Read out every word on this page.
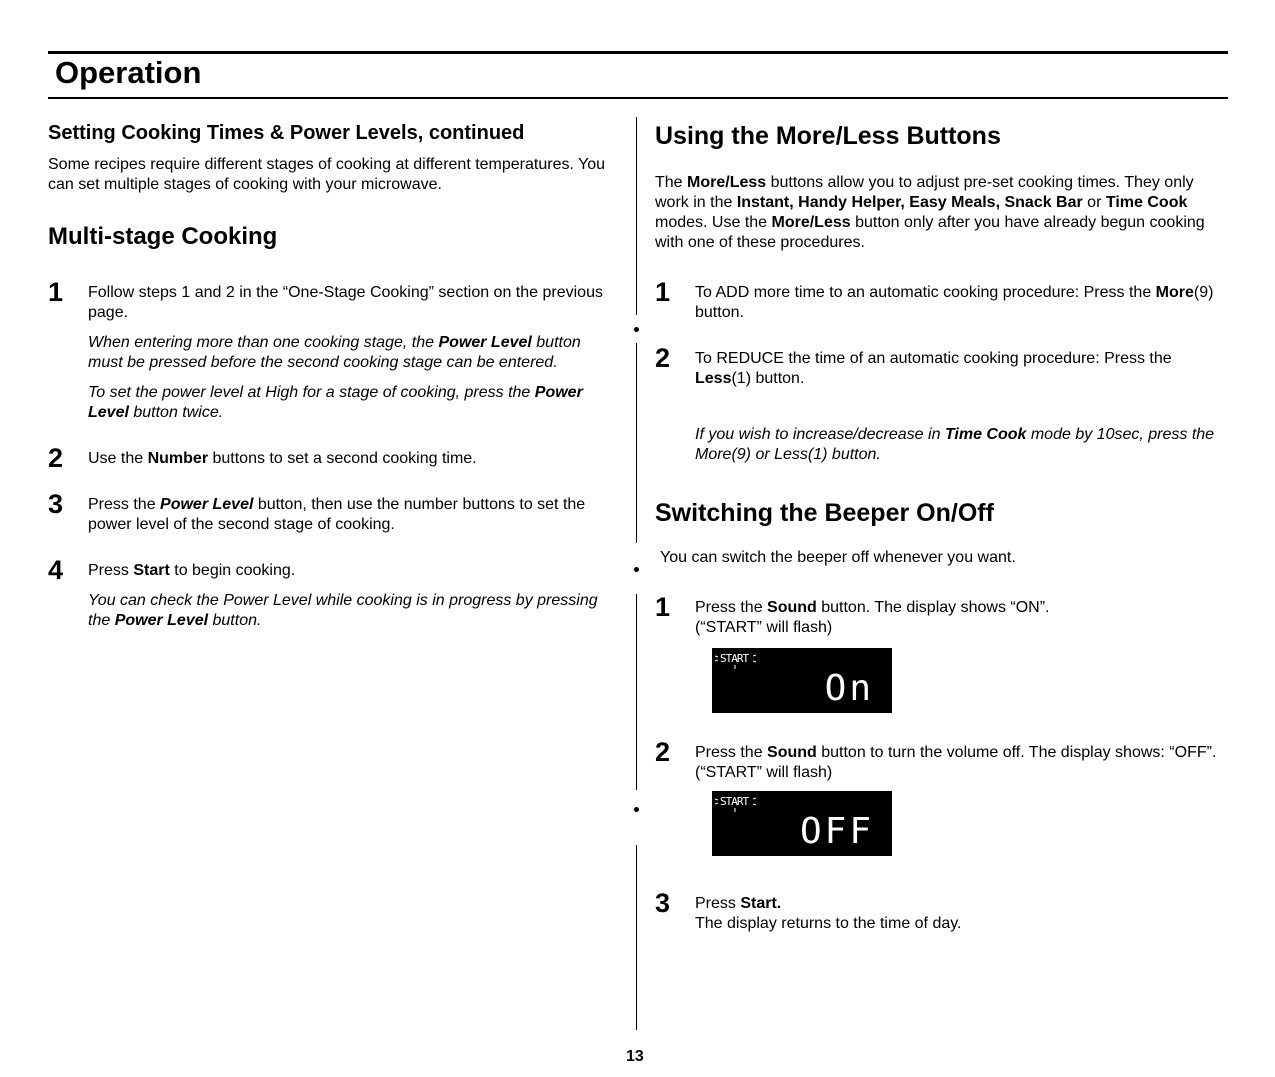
Operation
Setting Cooking Times & Power Levels, continued

Some recipes require different stages of cooking at different temperatures. You can set multiple stages of cooking with your microwave.

Multi-stage Cooking
1 Follow steps 1 and 2 in the “One-Stage Cooking” section on the previous page.

When entering more than one cooking stage, the Power Level button must be pressed before the second cooking stage can be entered.

To set the power level at High for a stage of cooking, press the Power Level button twice.

2 Use the Number buttons to set a second cooking time.

3 Press the Power Level button, then use the number buttons to set the power level of the second stage of cooking.

4 Press Start to begin cooking.

You can check the Power Level while cooking is in progress by pressing the Power Level button.

Using the More/Less Buttons

The More/Less buttons allow you to adjust pre-set cooking times. They only work in the Instant, Handy Helper, Easy Meals, Snack Bar or Time Cook modes. Use the More/Less button only after you have already begun cooking with one of these procedures.

1 To ADD more time to an automatic cooking procedure: Press the More(9) button.

2 To REDUCE the time of an automatic cooking procedure: Press the Less(1) button.

If you wish to increase/decrease in Time Cook mode by 10sec, press the More(9) or Less(1) button.

Switching the Beeper On/Off

You can switch the beeper off whenever you want.

1 Press the Sound button. The display shows “ON”.

(“START” will flash)

START
On
2 Press the Sound button to turn the volume off. The display shows: “OFF”.(“START” will flash)

START
OFF
3 Press Start.

The display returns to the time of day.

13
